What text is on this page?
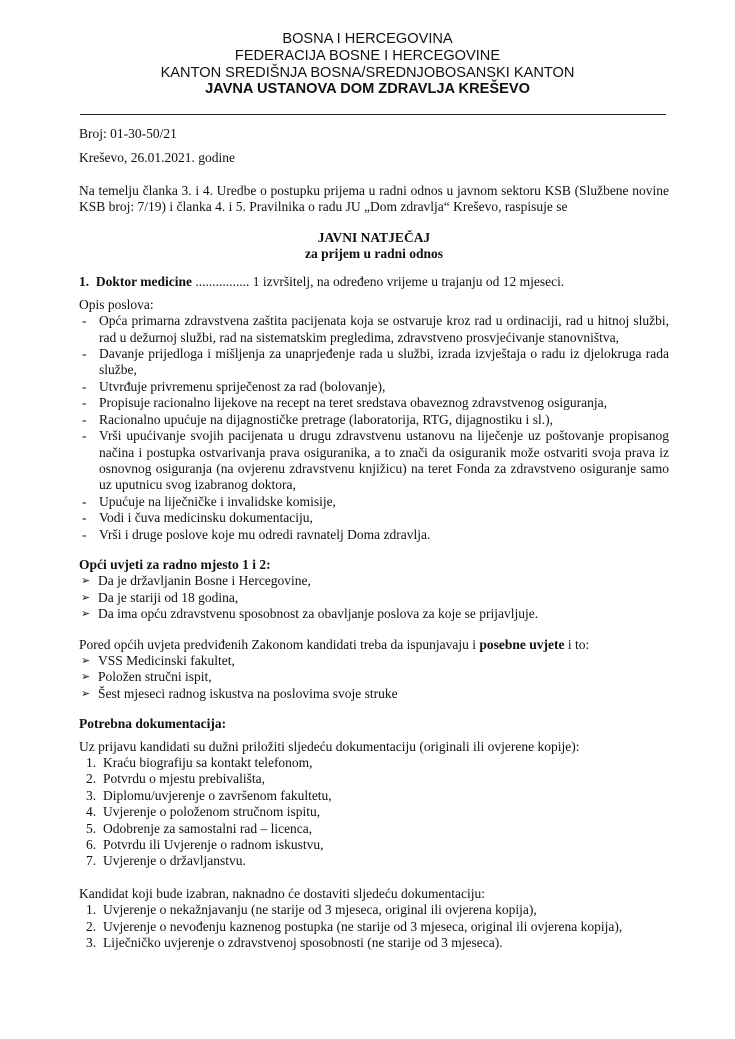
BOSNA I HERCEGOVINA
FEDERACIJA BOSNE I HERCEGOVINE
KANTON SREDIŠNJA BOSNA/SREDNJOBOSANSKI KANTON
JAVNA USTANOVA DOM ZDRAVLJA KREŠEVO

Broj: 01-30-50/21

Kreševo, 26.01.2021. godine

Na temelju članka 3. i 4. Uredbe o postupku prijema u radni odnos u javnom sektoru KSB (Službene novine KSB broj: 7/19) i članka 4. i 5. Pravilnika o radu JU „Dom zdravlja“ Kreševo, raspisuje se

JAVNI NATJEČAJ

za prijem u radni odnos

1. Doktor medicine ................ 1 izvršitelj, na određeno vrijeme u trajanju od 12 mjeseci.

Opis poslova:

- Opća primarna zdravstvena zaštita pacijenata koja se ostvaruje kroz rad u ordinaciji, rad u hitnoj službi, rad u dežurnoj službi, rad na sistematskim pregledima, zdravstveno prosvjećivanje stanovništva,
- Davanje prijedloga i mišljenja za unaprjeđenje rada u službi, izrada izvještaja o radu iz djelokruga rada službe,
- Utvrđuje privremenu spriječenost za rad (bolovanje),
- Propisuje racionalno lijekove na recept na teret sredstava obaveznog zdravstvenog osiguranja,
- Racionalno upućuje na dijagnostičke pretrage (laboratorija, RTG, dijagnostiku i sl.),
- Vrši upućivanje svojih pacijenata u drugu zdravstvenu ustanovu na liječenje uz poštovanje propisanog načina i postupka ostvarivanja prava osiguranika, a to znači da osiguranik može ostvariti svoja prava iz osnovnog osiguranja (na ovjerenu zdravstvenu knjižicu) na teret Fonda za zdravstveno osiguranje samo uz uputnicu svog izabranog doktora,
- Upućuje na liječničke i invalidske komisije,
- Vodi i čuva medicinsku dokumentaciju,
- Vrši i druge poslove koje mu odredi ravnatelj Doma zdravlja.

Opći uvjeti za radno mjesto 1 i 2:

➢ Da je državljanin Bosne i Hercegovine,
➢ Da je stariji od 18 godina,
➢ Da ima opću zdravstvenu sposobnost za obavljanje poslova za koje se prijavljuje.

Pored općih uvjeta predviđenih Zakonom kandidati treba da ispunjavaju i posebne uvjete i to:

➢ VSS Medicinski fakultet,
➢ Položen stručni ispit,
➢ Šest mjeseci radnog iskustva na poslovima svoje struke

Potrebna dokumentacija:

Uz prijavu kandidati su dužni priložiti sljedeću dokumentaciju (originali ili ovjerene kopije):

1. Kraću biografiju sa kontakt telefonom,
2. Potvrdu o mjestu prebivališta,
3. Diplomu/uvjerenje o završenom fakultetu,
4. Uvjerenje o položenom stručnom ispitu,
5. Odobrenje za samostalni rad – licenca,
6. Potvrdu ili Uvjerenje o radnom iskustvu,
7. Uvjerenje o državljanstvu.

Kandidat koji bude izabran, naknadno će dostaviti sljedeću dokumentaciju:

1. Uvjerenje o nekažnjavanju (ne starije od 3 mjeseca, original ili ovjerena kopija),
2. Uvjerenje o nevođenju kaznenog postupka (ne starije od 3 mjeseca, original ili ovjerena kopija),
3. Liječničko uvjerenje o zdravstvenoj sposobnosti (ne starije od 3 mjeseca).
